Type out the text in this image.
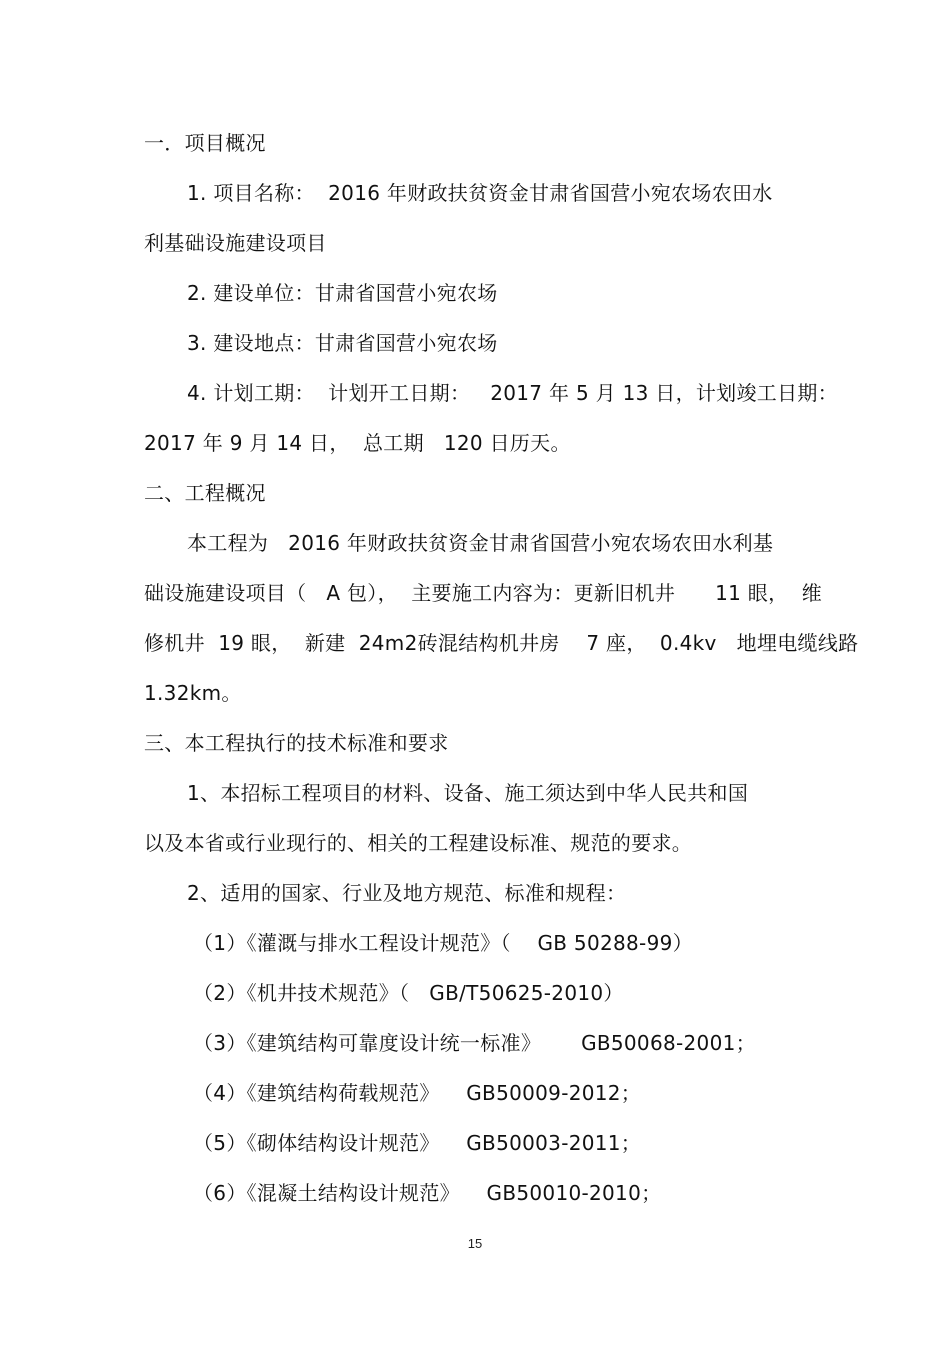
一．项目概况
1. 项目名称：  2016 年财政扶贫资金甘肃省国营小宛农场农田水
利基础设施建设项目
2. 建设单位：甘肃省国营小宛农场
3. 建设地点：甘肃省国营小宛农场
4. 计划工期：  计划开工日期：   2017 年 5 月 13 日，计划竣工日期：
2017 年 9 月 14 日，  总工期   120 日历天。
二、工程概况
本工程为   2016 年财政扶贫资金甘肃省国营小宛农场农田水利基
础设施建设项目（   A 包），  主要施工内容为：更新旧机井      11 眼，  维
修机井  19 眼，  新建  24m2砖混结构机井房    7 座，  0.4kv   地埋电缆线路
1.32km。
三、本工程执行的技术标准和要求
1、本招标工程项目的材料、设备、施工须达到中华人民共和国
以及本省或行业现行的、相关的工程建设标准、规范的要求。
2、适用的国家、行业及地方规范、标准和规程：
（1）《灌溉与排水工程设计规范》（    GB 50288-99）
（2）《机井技术规范》（   GB/T50625-2010）
（3）《建筑结构可靠度设计统一标准》      GB50068-2001；
（4）《建筑结构荷载规范》    GB50009-2012；
（5）《砌体结构设计规范》    GB50003-2011；
（6）《混凝土结构设计规范》    GB50010-2010；
15
